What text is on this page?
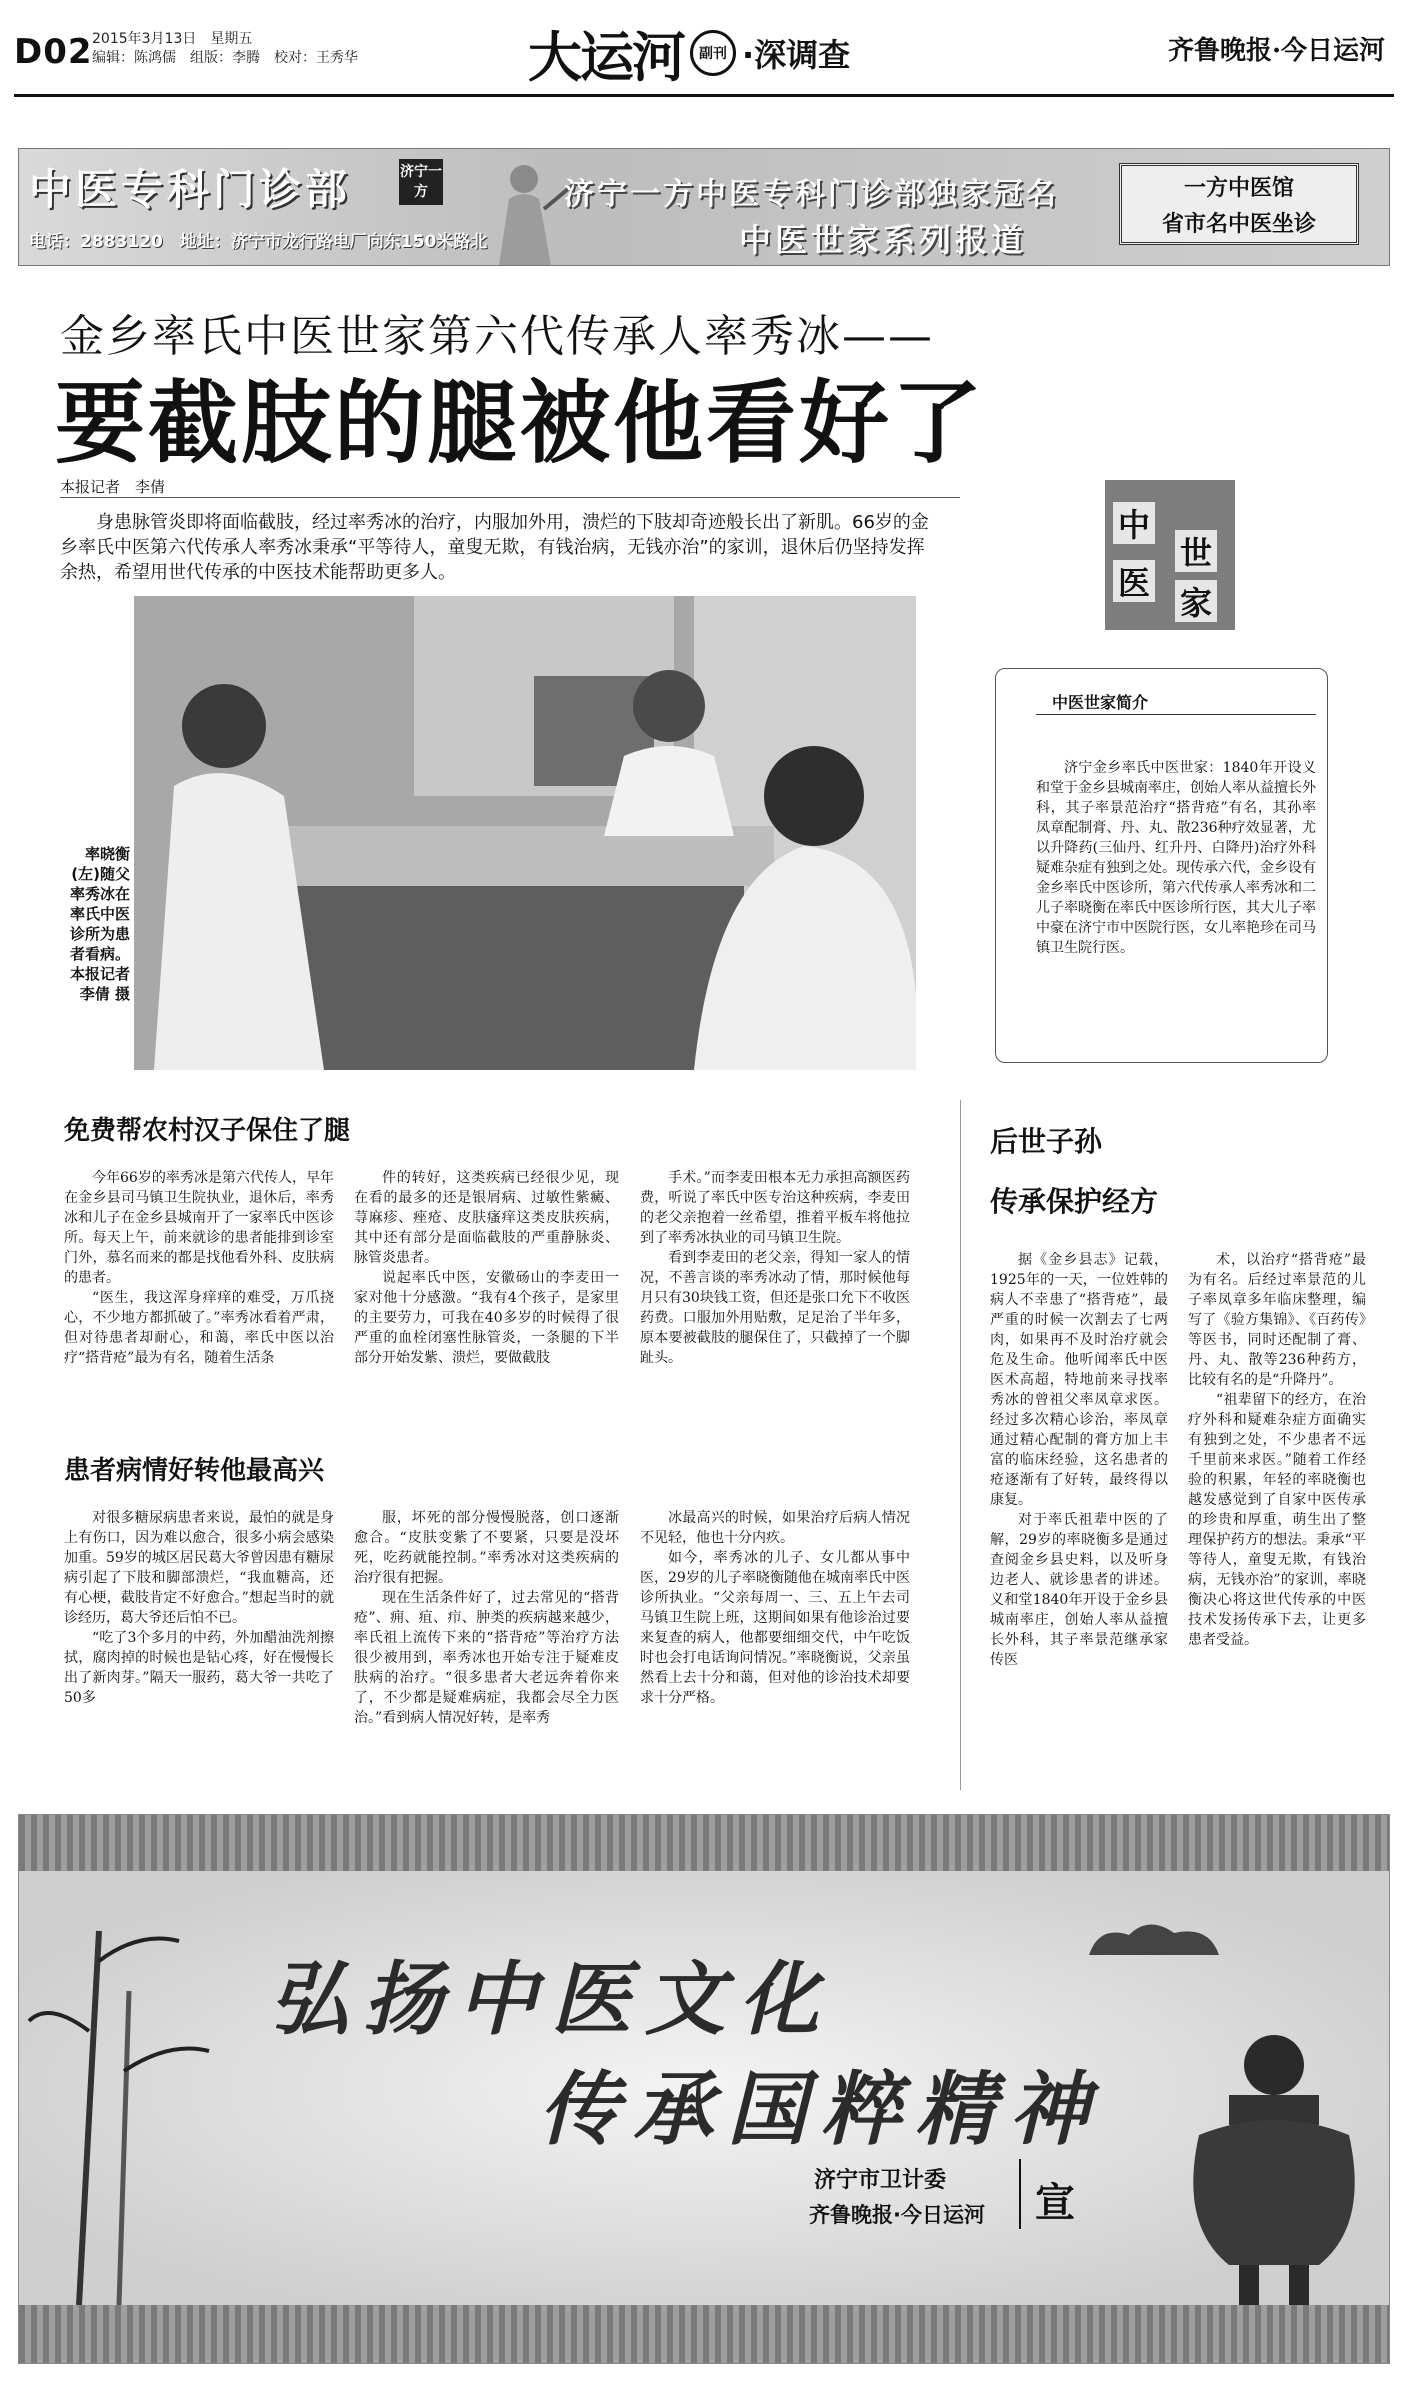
D02 2015年3月13日　星期五
编辑：陈鸿儒　组版：李腾　校对：王秀华	大运河	副刊 ·深调查	齐鲁晚报·今日运河
中医专科门诊部	济宁一方
电话：2883120　地址：济宁市龙行路电厂向东150米路北
济宁一方中医专科门诊部独家冠名
中医世家系列报道
一方中医馆
省市名中医坐诊
金乡率氏中医世家第六代传承人率秀冰——
要截肢的腿被他看好了
本报记者　李倩
身患脉管炎即将面临截肢，经过率秀冰的治疗，内服加外用，溃烂的下肢却奇迹般长出了新肌。66岁的金乡率氏中医第六代传承人率秀冰秉承“平等待人，童叟无欺，有钱治病，无钱亦治”的家训，退休后仍坚持发挥余热，希望用世代传承的中医技术能帮助更多人。
中
医
世
家
率晓衡(左)随父率秀冰在率氏中医诊所为患者看病。本报记者 李倩 摄
中医世家简介
济宁金乡率氏中医世家：1840年开设义和堂于金乡县城南率庄，创始人率从益擅长外科，其子率景范治疗“搭背疮”有名，其孙率凤章配制膏、丹、丸、散236种疗效显著，尤以升降药(三仙丹、红升丹、白降丹)治疗外科疑难杂症有独到之处。现传承六代，金乡设有金乡率氏中医诊所，第六代传承人率秀冰和二儿子率晓衡在率氏中医诊所行医，其大儿子率中豪在济宁市中医院行医，女儿率艳珍在司马镇卫生院行医。
免费帮农村汉子保住了腿

今年66岁的率秀冰是第六代传人，早年在金乡县司马镇卫生院执业，退休后，率秀冰和儿子在金乡县城南开了一家率氏中医诊所。每天上午，前来就诊的患者能排到诊室门外，慕名而来的都是找他看外科、皮肤病的患者。

“医生，我这浑身痒痒的难受，万爪挠心，不少地方都抓破了。”率秀冰看着严肃，但对待患者却耐心，和蔼，率氏中医以治疗“搭背疮”最为有名，随着生活条

件的转好，这类疾病已经很少见，现在看的最多的还是银屑病、过敏性紫癜、荨麻疹、痤疮、皮肤瘙痒这类皮肤疾病，其中还有部分是面临截肢的严重静脉炎、脉管炎患者。

说起率氏中医，安徽砀山的李麦田一家对他十分感激。“我有4个孩子，是家里的主要劳力，可我在40多岁的时候得了很严重的血栓闭塞性脉管炎，一条腿的下半部分开始发紫、溃烂，要做截肢

手术。”而李麦田根本无力承担高额医药费，听说了率氏中医专治这种疾病，李麦田的老父亲抱着一丝希望，推着平板车将他拉到了率秀冰执业的司马镇卫生院。

看到李麦田的老父亲，得知一家人的情况，不善言谈的率秀冰动了情，那时候他每月只有30块钱工资，但还是张口允下不收医药费。口服加外用贴敷，足足治了半年多，原本要被截肢的腿保住了，只截掉了一个脚趾头。

患者病情好转他最高兴

对很多糖尿病患者来说，最怕的就是身上有伤口，因为难以愈合，很多小病会感染加重。59岁的城区居民葛大爷曾因患有糖尿病引起了下肢和脚部溃烂，“我血糖高，还有心梗，截肢肯定不好愈合。”想起当时的就诊经历，葛大爷还后怕不已。

“吃了3个多月的中药，外加醋油洗剂擦拭，腐肉掉的时候也是钻心疼，好在慢慢长出了新肉芽。”隔天一服药，葛大爷一共吃了50多

服，坏死的部分慢慢脱落，创口逐渐愈合。“皮肤变紫了不要紧，只要是没坏死，吃药就能控制。”率秀冰对这类疾病的治疗很有把握。

现在生活条件好了，过去常见的“搭背疮”、痈、疽、疖、肿类的疾病越来越少，率氏祖上流传下来的“搭背疮”等治疗方法很少被用到，率秀冰也开始专注于疑难皮肤病的治疗。“很多患者大老远奔着你来了，不少都是疑难病症，我都会尽全力医治。”看到病人情况好转，是率秀

冰最高兴的时候，如果治疗后病人情况不见轻，他也十分内疚。

如今，率秀冰的儿子、女儿都从事中医，29岁的儿子率晓衡随他在城南率氏中医诊所执业。“父亲每周一、三、五上午去司马镇卫生院上班，这期间如果有他诊治过要来复查的病人，他都要细细交代，中午吃饭时也会打电话询问情况。”率晓衡说，父亲虽然看上去十分和蔼，但对他的诊治技术却要求十分严格。

后世子孙
传承保护经方

据《金乡县志》记载，1925年的一天，一位姓韩的病人不幸患了“搭背疮”，最严重的时候一次割去了七两肉，如果再不及时治疗就会危及生命。他听闻率氏中医医术高超，特地前来寻找率秀冰的曾祖父率凤章求医。经过多次精心诊治，率凤章通过精心配制的膏方加上丰富的临床经验，这名患者的疮逐渐有了好转，最终得以康复。

对于率氏祖辈中医的了解，29岁的率晓衡多是通过查阅金乡县史料，以及听身边老人、就诊患者的讲述。义和堂1840年开设于金乡县城南率庄，创始人率从益擅长外科，其子率景范继承家传医

术，以治疗“搭背疮”最为有名。后经过率景范的儿子率凤章多年临床整理，编写了《验方集锦》、《百药传》等医书，同时还配制了膏、丹、丸、散等236种药方，比较有名的是“升降丹”。

“祖辈留下的经方，在治疗外科和疑难杂症方面确实有独到之处，不少患者不远千里前来求医。”随着工作经验的积累，年轻的率晓衡也越发感觉到了自家中医传承的珍贵和厚重，萌生出了整理保护药方的想法。秉承“平等待人，童叟无欺，有钱治病，无钱亦治”的家训，率晓衡决心将这世代传承的中医技术发扬传承下去，让更多患者受益。

弘扬中医文化
传承国粹精神
济宁市卫计委
齐鲁晚报·今日运河 宣
